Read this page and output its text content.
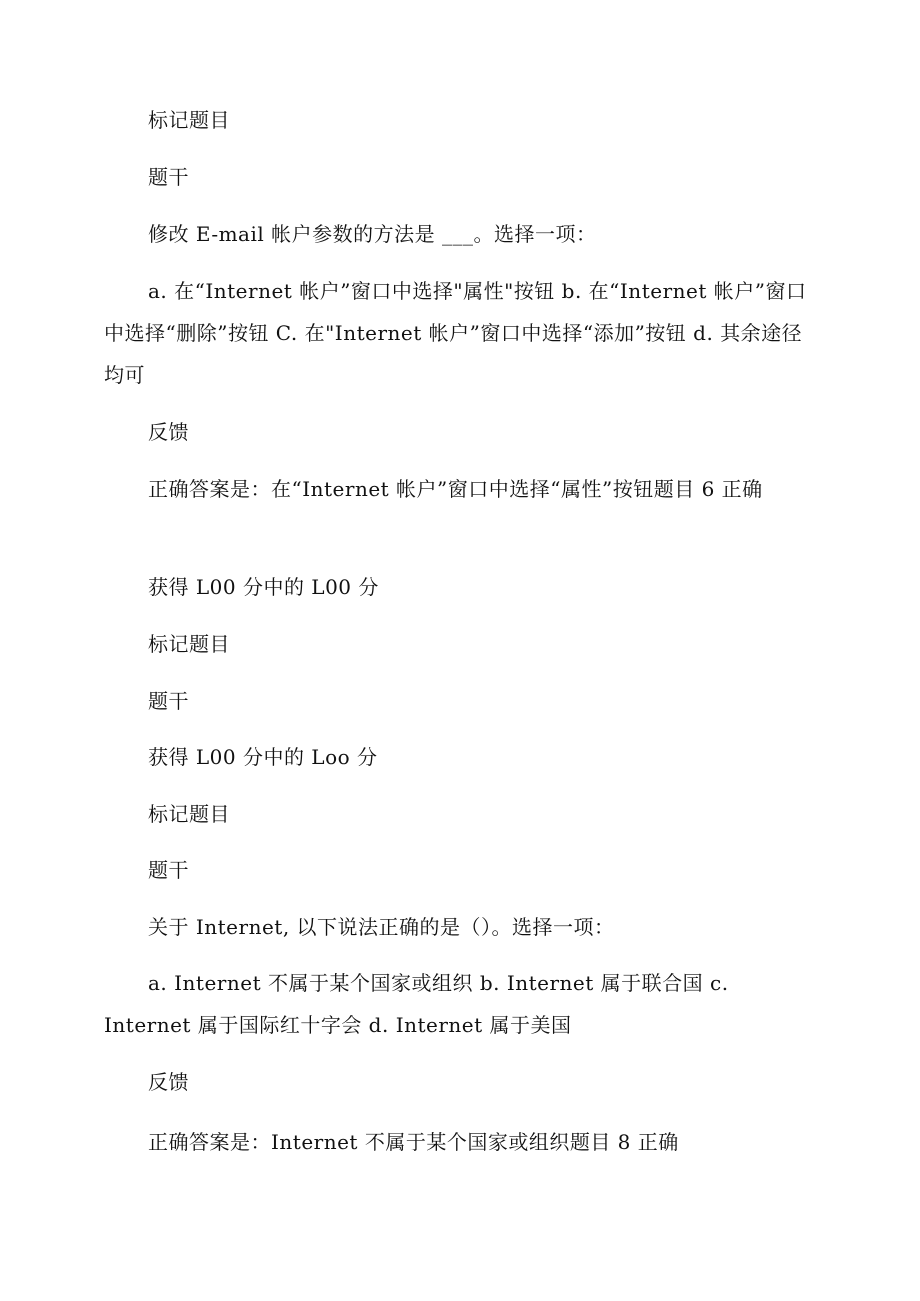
标记题目
题干
修改 E-mail 帐户参数的方法是 ___。选择一项：
a. 在“Internet 帐户”窗口中选择"属性"按钮 b. 在“Internet 帐户”窗口中选择“删除”按钮 C. 在"Internet 帐户”窗口中选择“添加”按钮 d. 其余途径均可
反馈
正确答案是：在“Internet 帐户”窗口中选择“属性”按钮题目 6 正确
获得 L00 分中的 L00 分
标记题目
题干
获得 L00 分中的 Loo 分
标记题目
题干
关于 Internet, 以下说法正确的是（）。选择一项：
a. Internet 不属于某个国家或组织 b. Internet 属于联合国 c. Internet 属于国际红十字会 d. Internet 属于美国
反馈
正确答案是：Internet 不属于某个国家或组织题目 8 正确
